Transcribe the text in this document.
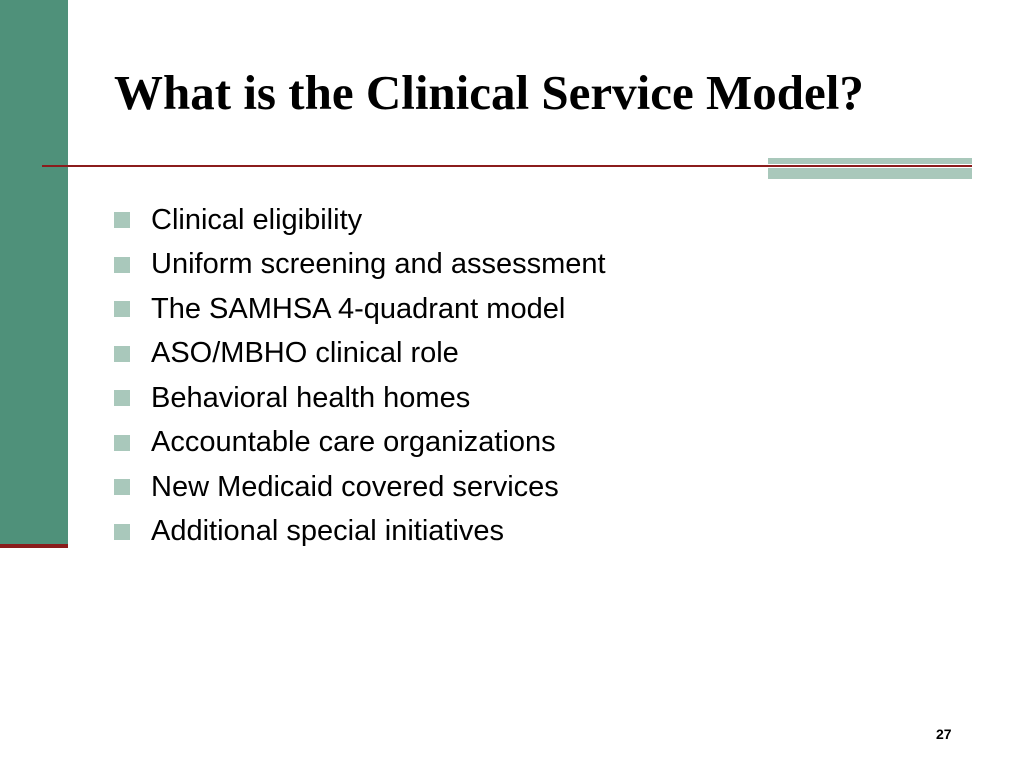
What is the Clinical Service Model?
Clinical eligibility
Uniform screening and assessment
The SAMHSA 4-quadrant model
ASO/MBHO clinical role
Behavioral health homes
Accountable care organizations
New Medicaid covered services
Additional special initiatives
27
